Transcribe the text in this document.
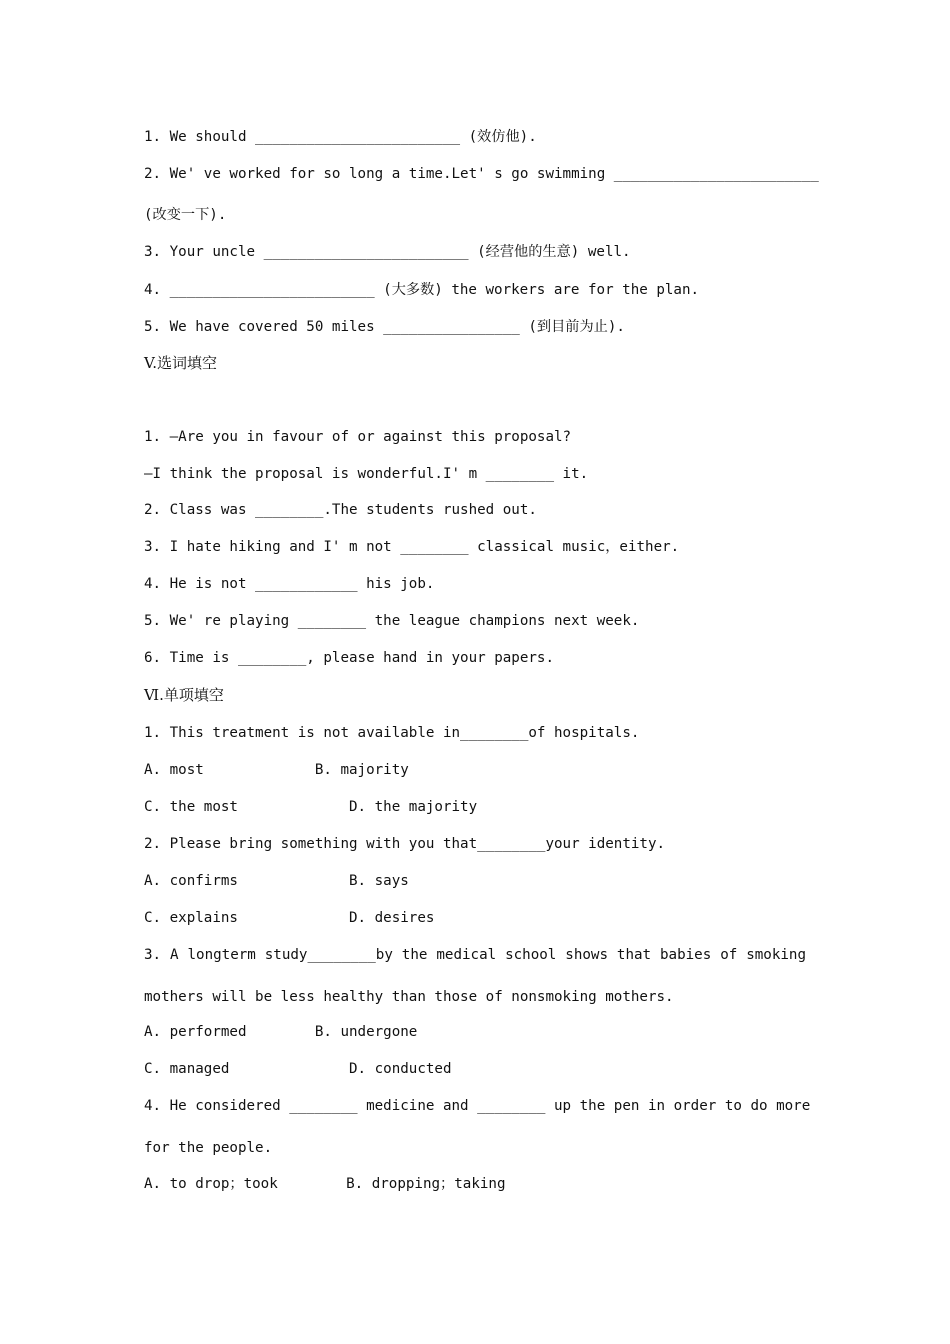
1. We should ________________________ (效仿他).
2. We' ve worked for so long a time.Let' s go swimming ________________________
(改变一下).
3. Your uncle ________________________ (经营他的生意) well.
4. ________________________ (大多数) the workers are for the plan.
5. We have covered 50 miles ________________ (到目前为止).
V.选词填空
1. —Are you in favour of or against this proposal?
—I think the proposal is wonderful.I' m ________ it.
2. Class was ________.The students rushed out.
3. I hate hiking and I' m not ________ classical music，either.
4. He is not ____________ his job.
5. We' re playing ________ the league champions next week.
6. Time is ________, please hand in your papers.
Ⅵ.单项填空
1. This treatment is not available in________of hospitals.
A. most             B. majority
C. the most             D. the majority
2. Please bring something with you that________your identity.
A. confirms             B. says
C. explains             D. desires
3. A longterm study________by the medical school shows that babies of smoking
mothers will be less healthy than those of nonsmoking mothers.
A. performed        B. undergone
C. managed              D. conducted
4. He considered ________ medicine and ________ up the pen in order to do more
for the people.
A. to drop；took        B. dropping；taking
